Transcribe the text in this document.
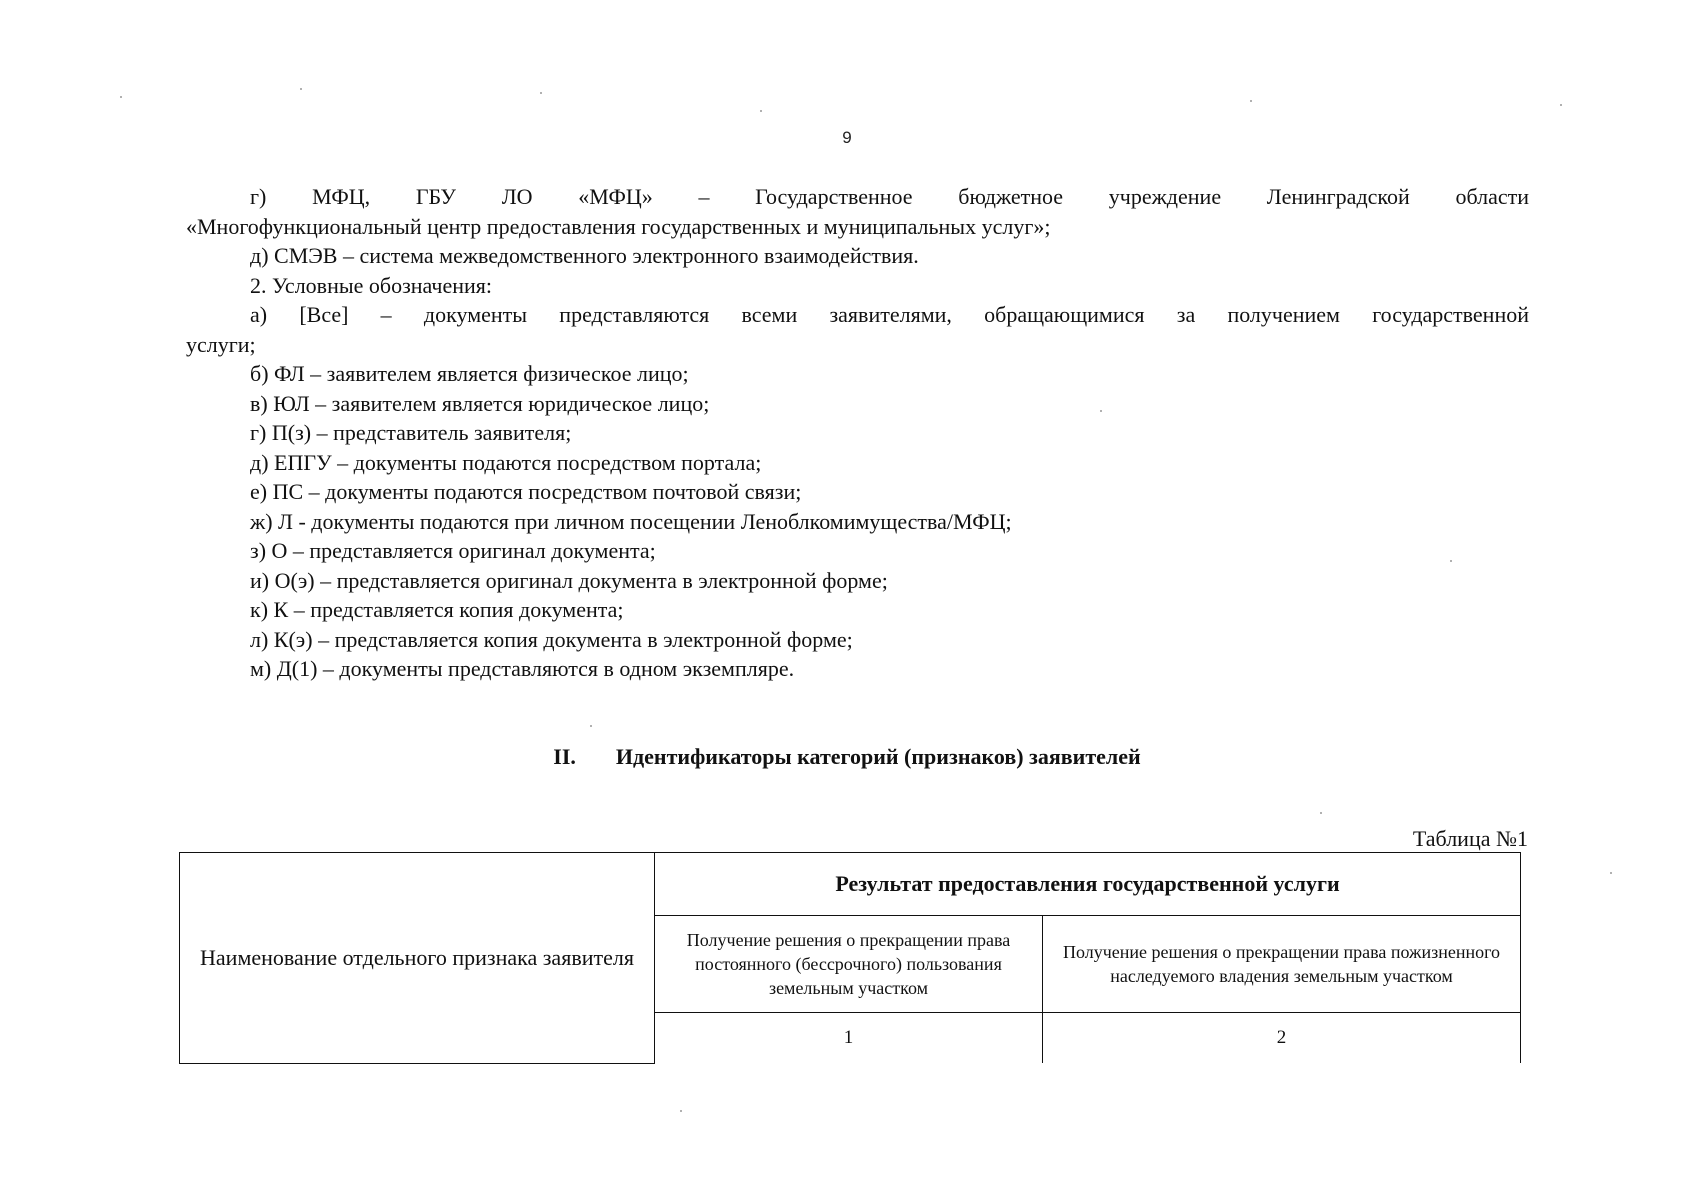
9
г) МФЦ, ГБУ ЛО «МФЦ» – Государственное бюджетное учреждение Ленинградской области
«Многофункциональный центр предоставления государственных и муниципальных услуг»;
д) СМЭВ – система межведомственного электронного взаимодействия.
2. Условные обозначения:
а) [Все] – документы представляются всеми заявителями, обращающимися за получением государственной
услуги;
б) ФЛ – заявителем является физическое лицо;
в) ЮЛ – заявителем является юридическое лицо;
г) П(з) – представитель заявителя;
д) ЕПГУ – документы подаются посредством портала;
е) ПС – документы подаются посредством почтовой связи;
ж) Л - документы подаются при личном посещении Леноблкомимущества/МФЦ;
з) О – представляется оригинал документа;
и) О(э) – представляется оригинал документа в электронной форме;
к) К – представляется копия документа;
л) К(э) – представляется копия документа в электронной форме;
м) Д(1) – документы представляются в одном экземпляре.
II. Идентификаторы категорий (признаков) заявителей
Таблица №1
Наименование отдельного признака заявителя	Результат предоставления государственной услуги	
	Получение решения о прекращении права постоянного (бессрочного) пользования земельным участком	Получение решения о прекращении права пожизненного наследуемого владения земельным участком
	1	2
